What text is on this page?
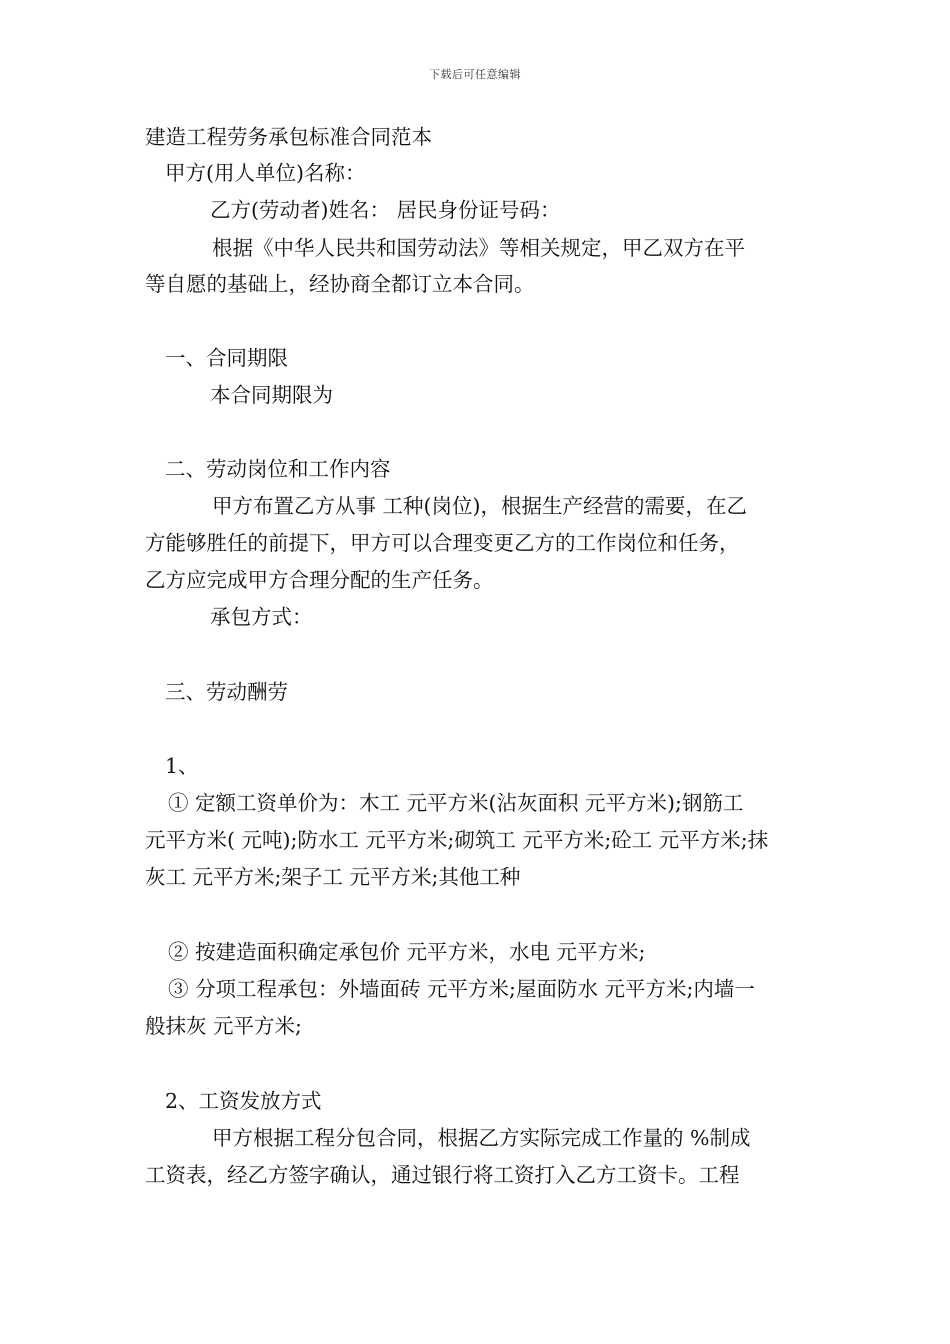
下载后可任意编辑
建造工程劳务承包标准合同范本
甲方(用人单位)名称：
乙方(劳动者)姓名： 居民身份证号码：
根据《中华人民共和国劳动法》等相关规定，甲乙双方在平
等自愿的基础上，经协商全都订立本合同。
一、合同期限
本合同期限为
二、劳动岗位和工作内容
甲方布置乙方从事 工种(岗位)，根据生产经营的需要，在乙
方能够胜任的前提下，甲方可以合理变更乙方的工作岗位和任务，
乙方应完成甲方合理分配的生产任务。
承包方式：
三、劳动酬劳
1、
① 定额工资单价为：木工 元平方米(沾灰面积 元平方米);钢筋工
元平方米( 元吨);防水工 元平方米;砌筑工 元平方米;砼工 元平方米;抹
灰工 元平方米;架子工 元平方米;其他工种
② 按建造面积确定承包价 元平方米，水电 元平方米;
③ 分项工程承包：外墙面砖 元平方米;屋面防水 元平方米;内墙一
般抹灰 元平方米;
2、工资发放方式
甲方根据工程分包合同，根据乙方实际完成工作量的 %制成
工资表，经乙方签字确认，通过银行将工资打入乙方工资卡。工程
